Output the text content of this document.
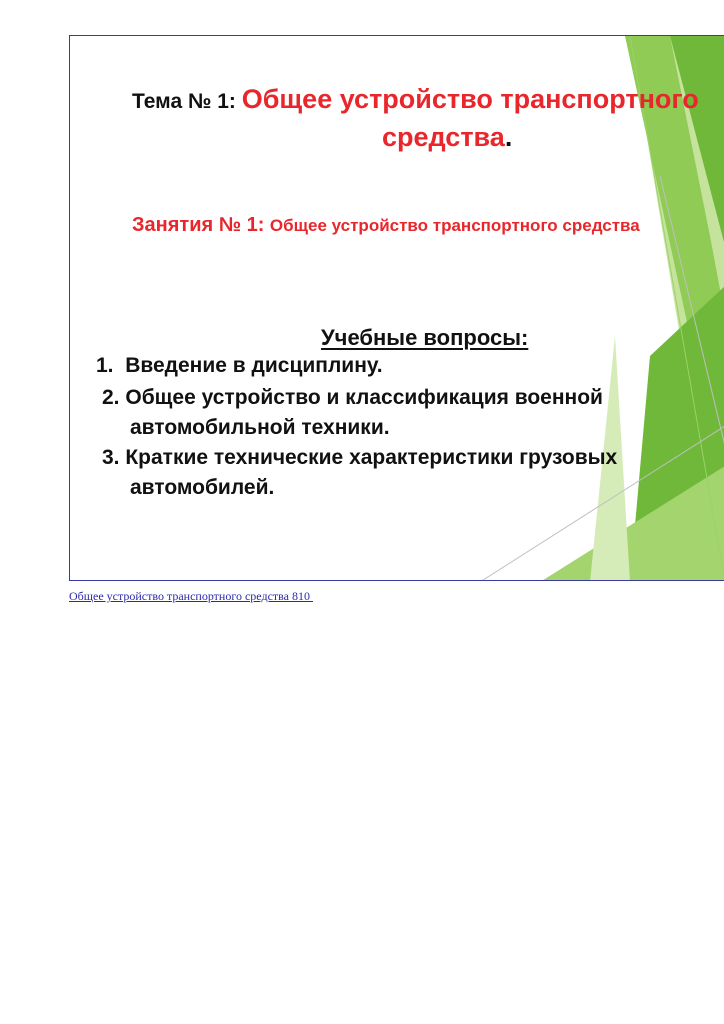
Тема № 1: Общее устройство транспортного
средства.
Занятия № 1: Общее устройство транспортного средства
Учебные вопросы:
1. Введение в дисциплину.
2. Общее устройство и классификация военной
автомобильной техники.
3. Краткие технические характеристики грузовых
автомобилей.
Общее устройство транспортного средства 810
